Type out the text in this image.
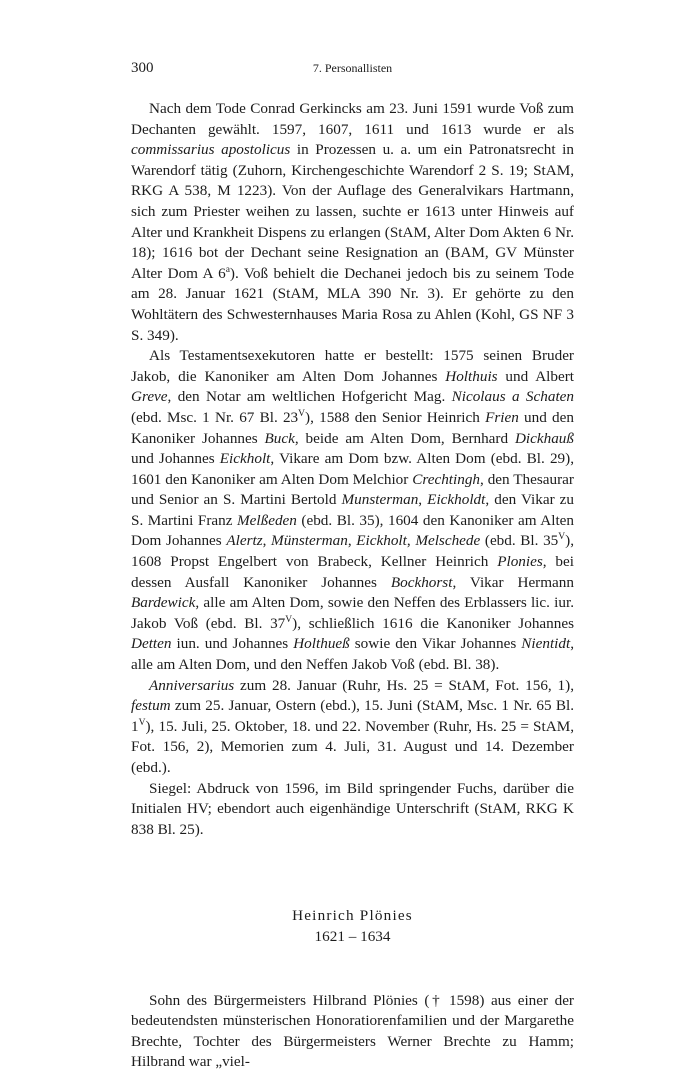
300	7. Personallisten

Nach dem Tode Conrad Gerkincks am 23. Juni 1591 wurde Voß zum Dechanten gewählt. 1597, 1607, 1611 und 1613 wurde er als commissarius apostolicus in Prozessen u. a. um ein Patronatsrecht in Warendorf tätig (Zuhorn, Kirchengeschichte Warendorf 2 S. 19; StAM, RKG A 538, M 1223). Von der Auflage des Generalvikars Hartmann, sich zum Priester weihen zu lassen, suchte er 1613 unter Hinweis auf Alter und Krankheit Dispens zu erlangen (StAM, Alter Dom Akten 6 Nr. 18); 1616 bot der Dechant seine Resignation an (BAM, GV Münster Alter Dom A 6$^a$). Voß behielt die Dechanei jedoch bis zu seinem Tode am 28. Januar 1621 (StAM, MLA 390 Nr. 3). Er gehörte zu den Wohltätern des Schwesternhauses Maria Rosa zu Ahlen (Kohl, GS NF 3 S. 349).

Als Testamentsexekutoren hatte er bestellt: 1575 seinen Bruder Jakob, die Kanoniker am Alten Dom Johannes Holthuis und Albert Greve, den Notar am weltlichen Hofgericht Mag. Nicolaus a Schaten (ebd. Msc. 1 Nr. 67 Bl. $23^V$), 1588 den Senior Heinrich Frien und den Kanoniker Johannes Buck, beide am Alten Dom, Bernhard Dickhauß und Johannes Eickholt, Vikare am Dom bzw. Alten Dom (ebd. Bl. 29), 1601 den Kanoniker am Alten Dom Melchior Crechtingh, den Thesaurar und Senior an S. Martini Bertold Munsterman, Eickholdt, den Vikar zu S. Martini Franz Melßeden (ebd. Bl. 35), 1604 den Kanoniker am Alten Dom Johannes Alertz, Münsterman, Eickholt, Melschede (ebd. Bl. $35^V$), 1608 Propst Engelbert von Brabeck, Kellner Heinrich Plonies, bei dessen Ausfall Kanoniker Johannes Bockhorst, Vikar Hermann Bardewick, alle am Alten Dom, sowie den Neffen des Erblassers lic. iur. Jakob Voß (ebd. Bl. $37^V$), schließlich 1616 die Kanoniker Johannes Detten iun. und Johannes Holthueß sowie den Vikar Johannes Nientidt, alle am Alten Dom, und den Neffen Jakob Voß (ebd. Bl. 38).

Anniversarius zum 28. Januar (Ruhr, Hs. 25 = StAM, Fot. 156, 1), festum zum 25. Januar, Ostern (ebd.), 15. Juni (StAM, Msc. 1 Nr. 65 Bl. $1^V$), 15. Juli, 25. Oktober, 18. und 22. November (Ruhr, Hs. 25 = StAM, Fot. 156, 2), Memorien zum 4. Juli, 31. August und 14. Dezember (ebd.).

Siegel: Abdruck von 1596, im Bild springender Fuchs, darüber die Initialen HV; ebendort auch eigenhändige Unterschrift (StAM, RKG K 838 Bl. 25).

Heinrich Plönies
1621 – 1634

Sohn des Bürgermeisters Hilbrand Plönies († 1598) aus einer der bedeutendsten münsterischen Honoratiorenfamilien und der Margarethe Brechte, Tochter des Bürgermeisters Werner Brechte zu Hamm; Hilbrand war „viel-
